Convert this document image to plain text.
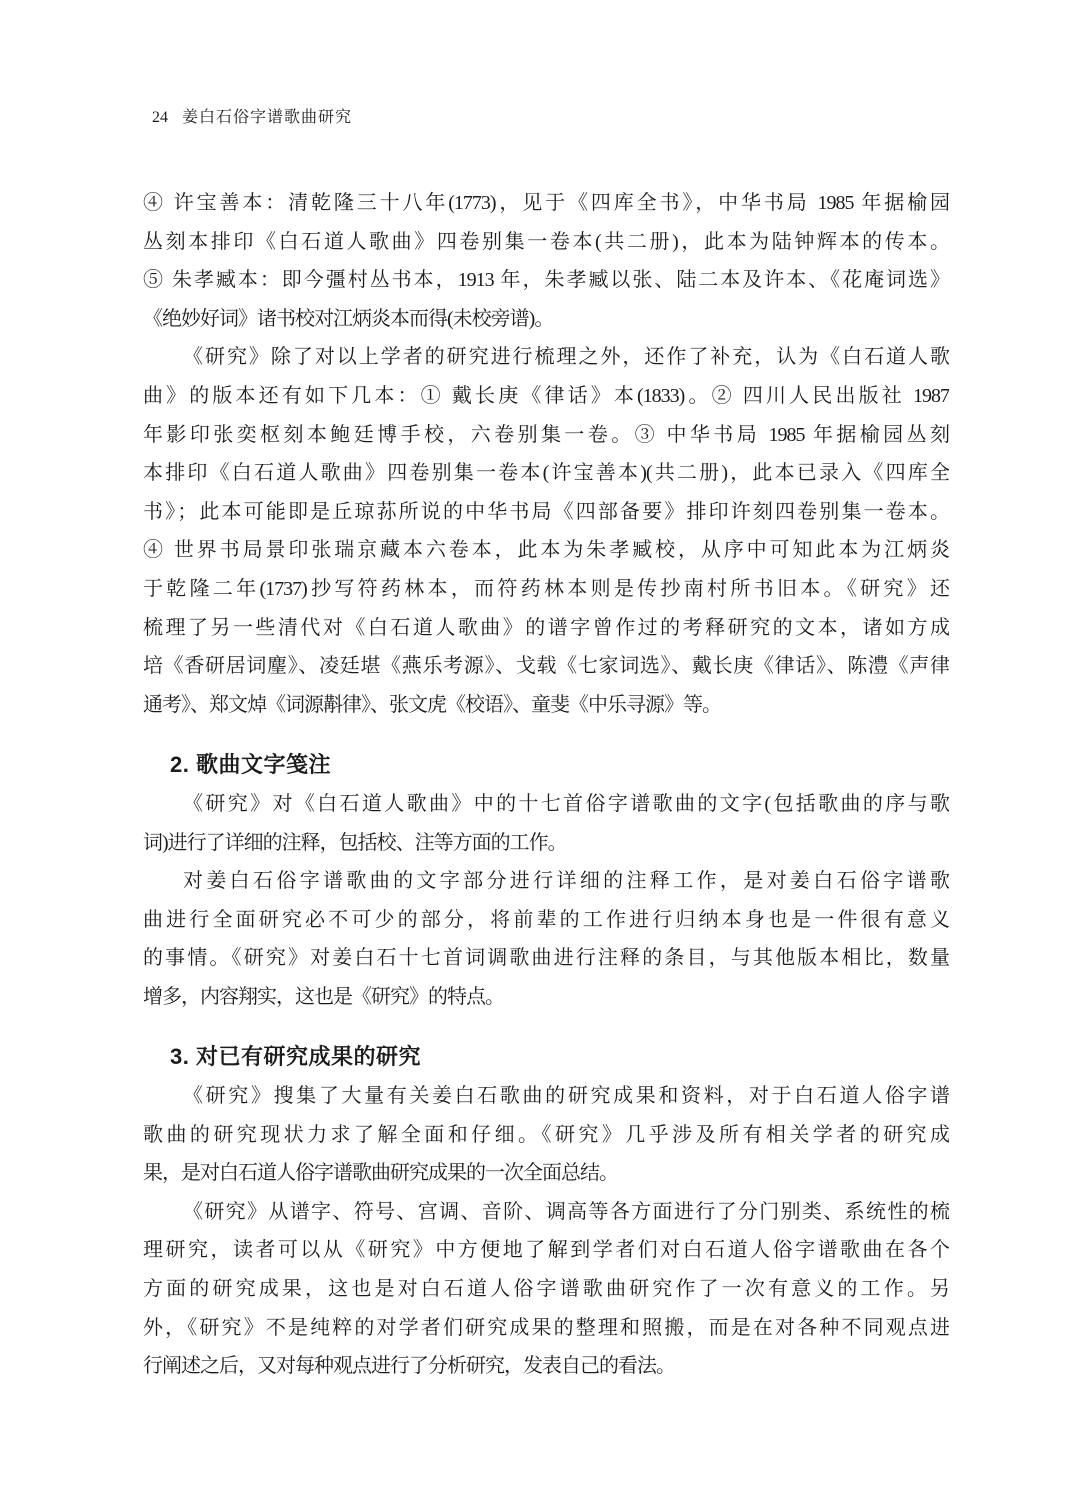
24 姜白石俗字谱歌曲研究
④ 许宝善本：清乾隆三十八年(1773)，见于《四库全书》，中华书局 1985 年据榆园
丛刻本排印《白石道人歌曲》四卷别集一卷本(共二册)，此本为陆钟辉本的传本。
⑤ 朱孝臧本：即今彊村丛书本，1913 年，朱孝臧以张、陆二本及许本、《花庵词选》
《绝妙好词》诸书校对江炳炎本而得(未校旁谱)。
《研究》除了对以上学者的研究进行梳理之外，还作了补充，认为《白石道人歌
曲》的版本还有如下几本：① 戴长庚《律话》本(1833)。② 四川人民出版社 1987
年影印张奕枢刻本鲍廷博手校，六卷别集一卷。③ 中华书局 1985 年据榆园丛刻
本排印《白石道人歌曲》四卷别集一卷本(许宝善本)(共二册)，此本已录入《四库全
书》；此本可能即是丘琼荪所说的中华书局《四部备要》排印许刻四卷别集一卷本。
④ 世界书局景印张瑞京藏本六卷本，此本为朱孝臧校，从序中可知此本为江炳炎
于乾隆二年(1737)抄写符药林本，而符药林本则是传抄南村所书旧本。《研究》还
梳理了另一些清代对《白石道人歌曲》的谱字曾作过的考释研究的文本，诸如方成
培《香研居词麈》、凌廷堪《燕乐考源》、戈载《七家词选》、戴长庚《律话》、陈澧《声律
通考》、郑文焯《词源斠律》、张文虎《校语》、童斐《中乐寻源》等。
2. 歌曲文字笺注
《研究》对《白石道人歌曲》中的十七首俗字谱歌曲的文字(包括歌曲的序与歌
词)进行了详细的注释，包括校、注等方面的工作。
对姜白石俗字谱歌曲的文字部分进行详细的注释工作，是对姜白石俗字谱歌
曲进行全面研究必不可少的部分，将前辈的工作进行归纳本身也是一件很有意义
的事情。《研究》对姜白石十七首词调歌曲进行注释的条目，与其他版本相比，数量
增多，内容翔实，这也是《研究》的特点。
3. 对已有研究成果的研究
《研究》搜集了大量有关姜白石歌曲的研究成果和资料，对于白石道人俗字谱
歌曲的研究现状力求了解全面和仔细。《研究》几乎涉及所有相关学者的研究成
果，是对白石道人俗字谱歌曲研究成果的一次全面总结。
《研究》从谱字、符号、宫调、音阶、调高等各方面进行了分门别类、系统性的梳
理研究，读者可以从《研究》中方便地了解到学者们对白石道人俗字谱歌曲在各个
方面的研究成果，这也是对白石道人俗字谱歌曲研究作了一次有意义的工作。另
外，《研究》不是纯粹的对学者们研究成果的整理和照搬，而是在对各种不同观点进
行阐述之后，又对每种观点进行了分析研究，发表自己的看法。
